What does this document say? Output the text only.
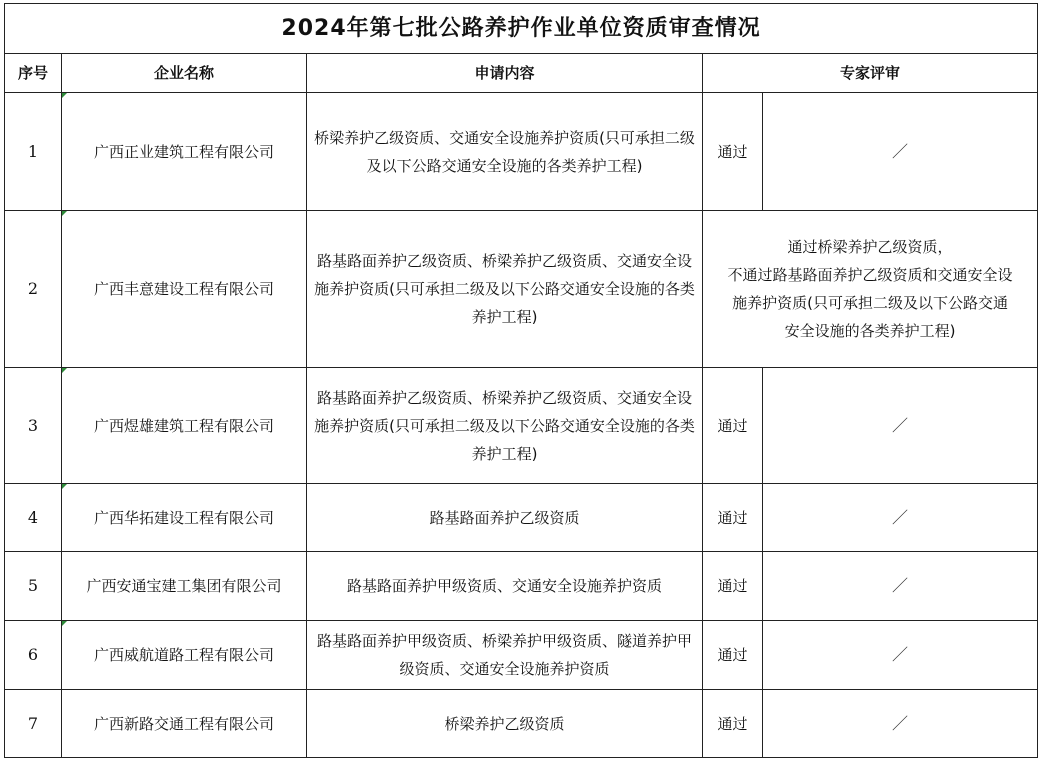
2024年第七批公路养护作业单位资质审查情况				
序号	企业名称	申请内容	专家评审	
1	广西正业建筑工程有限公司	桥梁养护乙级资质、交通安全设施养护资质(只可承担二级及以下公路交通安全设施的各类养护工程)	通过	／
2	广西丰意建设工程有限公司	路基路面养护乙级资质、桥梁养护乙级资质、交通安全设施养护资质(只可承担二级及以下公路交通安全设施的各类养护工程)	通过桥梁养护乙级资质，
不通过路基路面养护乙级资质和交通安全设
施养护资质(只可承担二级及以下公路交通
安全设施的各类养护工程)	

3	广西煜雄建筑工程有限公司	路基路面养护乙级资质、桥梁养护乙级资质、交通安全设施养护资质(只可承担二级及以下公路交通安全设施的各类养护工程)	通过	／
4	广西华拓建设工程有限公司	路基路面养护乙级资质	通过	／
5	广西安通宝建工集团有限公司	路基路面养护甲级资质、交通安全设施养护资质	通过	／
6	广西威航道路工程有限公司	路基路面养护甲级资质、桥梁养护甲级资质、隧道养护甲级资质、交通安全设施养护资质	通过	／
7	广西新路交通工程有限公司	桥梁养护乙级资质	通过	／
